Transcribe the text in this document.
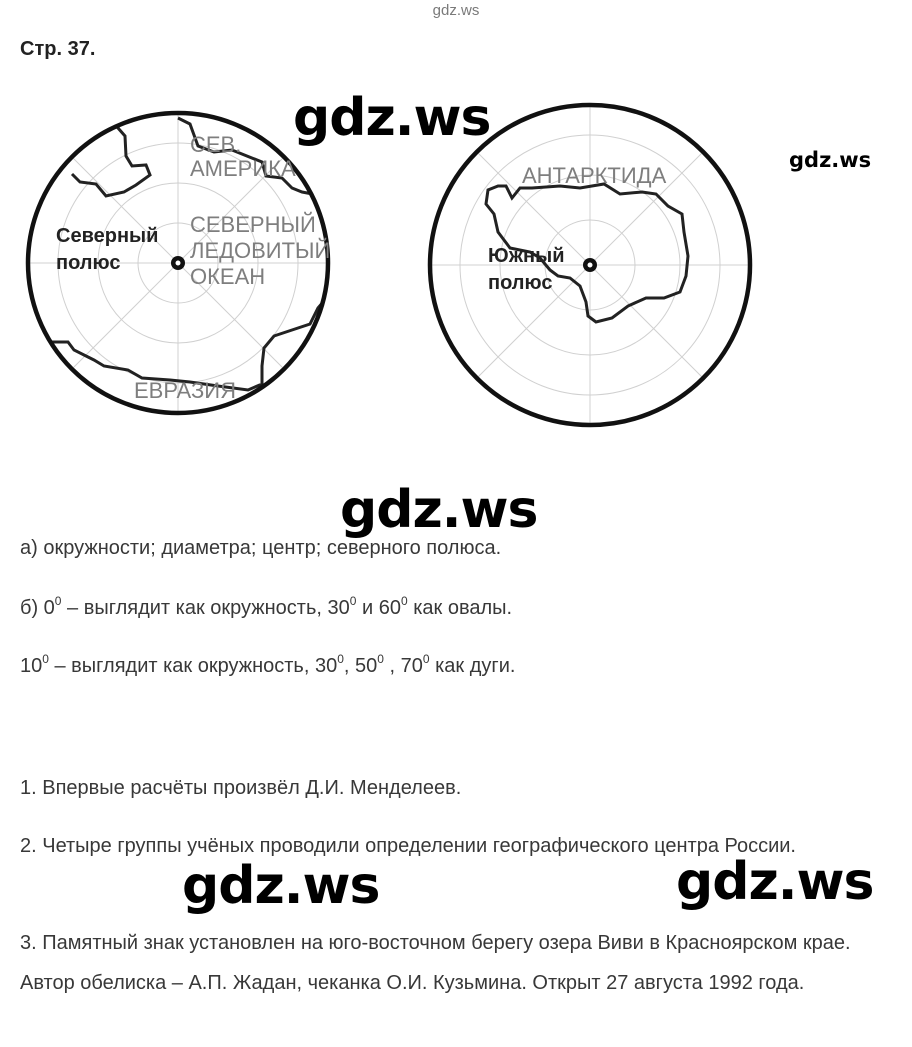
gdz.ws
Стр. 37.
gdz.ws
gdz.ws
СЕВ.
АМЕРИКА
СЕВЕРНЫЙ
ЛЕДОВИТЫЙ
ОКЕАН
Северный
полюс
ЕВРАЗИЯ
АНТАРКТИДА
Южный
полюс
gdz.ws
а) окружности; диаметра; центр; северного полюса.
б) $0^0$ – выглядит как окружность, $30^0$ и $60^0$ как овалы.
$10^0$ – выглядит как окружность, $30^0$, $50^0$ , $70^0$ как дуги.
1. Впервые расчёты произвёл Д.И. Менделеев.
2. Четыре группы учёных проводили определении географического центра России.
gdz.ws	gdz.ws
3. Памятный знак установлен на юго-восточном берегу озера Виви в Красноярском крае. Автор обелиска – А.П. Жадан, чеканка О.И. Кузьмина. Открыт 27 августа 1992 года.
